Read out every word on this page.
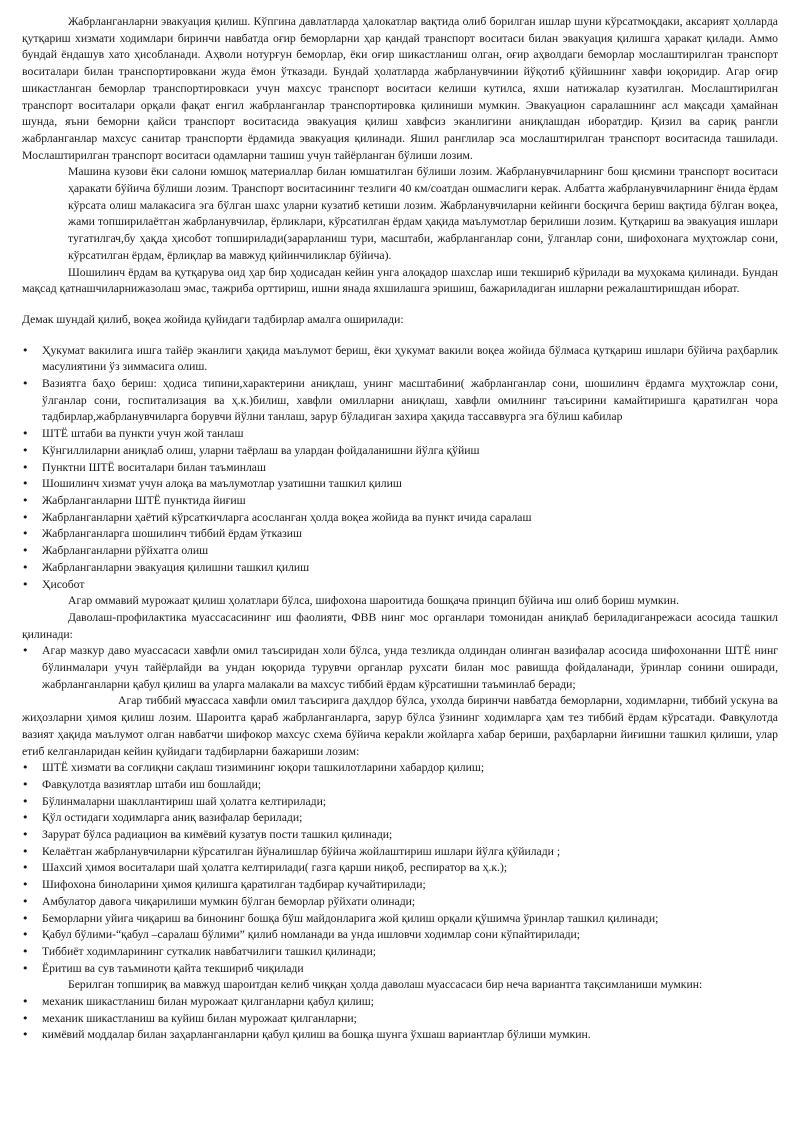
Жабрланганларни эвакуация қилиш. Кўпгина давлатларда ҳалокатлар вақтида олиб борилган ишлар шуни кўрсатмоқдаки, аксарият ҳолларда қутқариш хизмати ходимлари биринчи навбатда оғир беморларни ҳар қандай транспорт воситаси билан эвакуация қилишга ҳаракат қилади. Аммо бундай ёндашув хато ҳисобланади. Аҳволи нотурғун беморлар, ёки оғир шикастланиш олган, оғир аҳволдаги беморлар мослаштирилган транспорт воситалари билан транспортировкани жуда ёмон ўтказади. Бундай ҳолатларда жабрланувчинии йўқотиб қўйишнинг хавфи юқоридир. Агар оғир шикастланган беморлар транспортировкаси учун махсус транспорт воситаси келиши кутилса, яхши натижалар кузатилган. Мослаштирилган транспорт воситалари орқали фақат енгил жабрланганлар транспортировка қилиниши мумкин. Эвакуацион саралашнинг асл мақсади ҳамайнан шунда, яъни беморни қайси транспорт воситасида эвакуация қилиш хавфсиз эканлигини аниқлашдан иборатдир. Қизил ва сариқ рангли жабрланганлар махсус санитар транспорти ёрдамида эвакуация қилинади. Яшил ранглилар эса мослаштирилган транспорт воситасида ташилади. Мослаштирилган транспорт воситаси одамларни ташиш учун тайёрланган бўлиши лозим.

Машина кузови ёки салони юмшоқ материаллар билан юмшатилган бўлиши лозим. Жабрланувчиларнинг бош қисмини транспорт воситаси ҳаракати бўйича бўлиши лозим. Транспорт воситасининг тезлиги 40 км/соатдан ошмаслиги керак. Албатта жабрланувчиларнинг ёнида ёрдам кўрсата олиш малакасига эга бўлган шахс уларни кузатиб кетиши лозим. Жабрланувчиларни кейинги босқичга бериш вақтида бўлган воқеа, жами топширилаётган жабрланувчилар, ёрликлари, кўрсатилган ёрдам ҳақида маълумотлар берилиши лозим. Қутқариш ва эвакуация ишлари тугатилгач,бу ҳақда ҳисобот топширилади(зарарланиш тури, масштаби, жабрланганлар сони, ўлганлар сони, шифохонага муҳтожлар сони, кўрсатилган ёрдам, ёрлиқлар ва мавжуд қийинчиликлар бўйича).

Шошилинч ёрдам ва қутқарува оид ҳар бир ҳодисадан кейин унга алоқадор шахслар иши текшириб кўрилади ва муҳокама қилинади. Бундан мақсад қатнашчиларнижазолаш эмас, тажриба орттириш, ишни янада яхшилашга эришиш, бажариладиган ишларни режалаштиришдан иборат.

Демак шундай қилиб, воқеа жойида қуйидаги тадбирлар амалга оширилади:

• Ҳукумат вакилига ишга тайёр эканлиги ҳақида маълумот бериш, ёки ҳукумат вакили воқеа жойида бўлмаса қутқариш ишлари бўйича раҳбарлик масулиятини ўз зиммасига олиш.
• Вазиятга баҳо бериш: ҳодиса типини,характерини аниқлаш, унинг масштабини( жабрланганлар сони, шошилинч ёрдамга муҳтожлар сони, ўлганлар сони, госпитализация ва ҳ.к.)билиш, хавфли омилларни аниқлаш, хавфли омилнинг таъсирини камайтиришга қаратилган чора тадбирлар,жабрланувчиларга борувчи йўлни танлаш, зарур бўладиган захира ҳақида тассаввурга эга бўлиш кабилар
• ШТЁ штаби ва пункти учун жой танлаш
• Кўнгиллиларни аниқлаб олиш, уларни таёрлаш ва улардан фойдаланишни йўлга қўйиш
• Пунктни ШТЁ воситалари билан таъминлаш
• Шошилинч хизмат учун алоқа ва маълумотлар узатишни ташкил қилиш
• Жабрланганларни ШТЁ пунктида йиғиш
• Жабрланганларни ҳаётий кўрсаткичларга асосланган ҳолда воқеа жойида ва пункт ичида саралаш
• Жабрланганларга шошилинч тиббий ёрдам ўтказиш
• Жабрланганларни рўйхатга олиш
• Жабрланганларни эвакуация қилишни ташкил қилиш
• Ҳисобот

Агар оммавий мурожаат қилиш ҳолатлари бўлса, шифохона шароитида бошқача принцип бўйича иш олиб бориш мумкин.

Даволаш-профилактика муассасасининг иш фаолияти, ФВВ нинг мос органлари томонидан аниқлаб бериладиганрежаси асосида ташкил қилинади:

• Агар мазкур даво муассасаси хавфли омил таъсиридан холи бўлса, унда тезликда олдиндан олинган вазифалар асосида шифохонанни ШТЁ нинг бўлинмалари учун тайёрлайди ва ундан юқорида турувчи органлар рухсати билан мос равишда фойдаланади, ўринлар сонини оширади, жабрланганларни қабул қилиш ва уларга малакали ва махсус тиббий ёрдам кўрсатишни таъминлаб беради;
• Агар тиббий муассаса хавфли омил таъсирига даҳлдор бўлса, ухолда биринчи навбатда беморларни, ходимларни, тиббий ускуна ва жиҳозларни ҳимоя қилиш лозим. Шароитга қараб жабрланганларга, зарур бўлса ўзининг ходимларга ҳам тез тиббий ёрдам кўрсатади. Фавқулотда вазият ҳақида маълумот олган навбатчи шифокор махсус схема бўйича кераkли жойларга хабар бериши, раҳбарларни йиғишни ташкил қилиши, улар етиб келганларидан кейин қуйидаги тадбирларни бажариши лозим:
• ШТЁ хизмати ва соғлиқни сақлаш тизимининг юқори ташкилотларини хабардор қилиш;
• Фавқулотда вазиятлар штаби иш бошлайди;
• Бўлинмаларни шакллантириш шай ҳолатга келтирилади;
• Қўл остидаги ходимларга аниқ вазифалар берилади;
• Зарурат бўлса радиацион ва кимёвий кузатув пости ташкил қилинади;
• Келаётган жабрланувчиларни кўрсатилган йўналишлар бўйича жойлаштириш ишлари йўлга қўйилади ;
• Шахсий ҳимоя воситалари шай ҳолатга келтирилади( газга қарши ниқоб, респиратор ва ҳ.к.);
• Шифохона биноларини ҳимоя қилишга қаратилган тадбирар кучайтирилади;
• Амбулатор давога чиқарилиши мумкин бўлган беморлар рўйхати олинади;
• Беморларни уйига чиқариш ва бинонинг бошқа бўш майдонларига жой қилиш орқали қўшимча ўринлар ташкил қилинади;
• Қабул бўлими-“қабул –саралаш бўлими” қилиб номланади ва унда ишловчи ходимлар сони кўпайтирилади;
• Тиббиёт ходимларининг суткалик навбатчилиги ташкил қилинади;
• Ёритиш ва сув таъминоти қайта текшириб чиқилади

Берилган топшириқ ва мавжуд шароитдан келиб чиққан ҳолда даволаш муассасаси бир неча вариантга тақсимланиши мумкин:

• механик шикастланиш билан мурожаат қилганларни қабул қилиш;
• механик шикастланиш ва куйиш билан мурожаат қилганларни;
• кимёвий моддалар билан заҳарланганларни қабул қилиш ва бошқа шунга ўхшаш вариантлар бўлиши мумкин.
